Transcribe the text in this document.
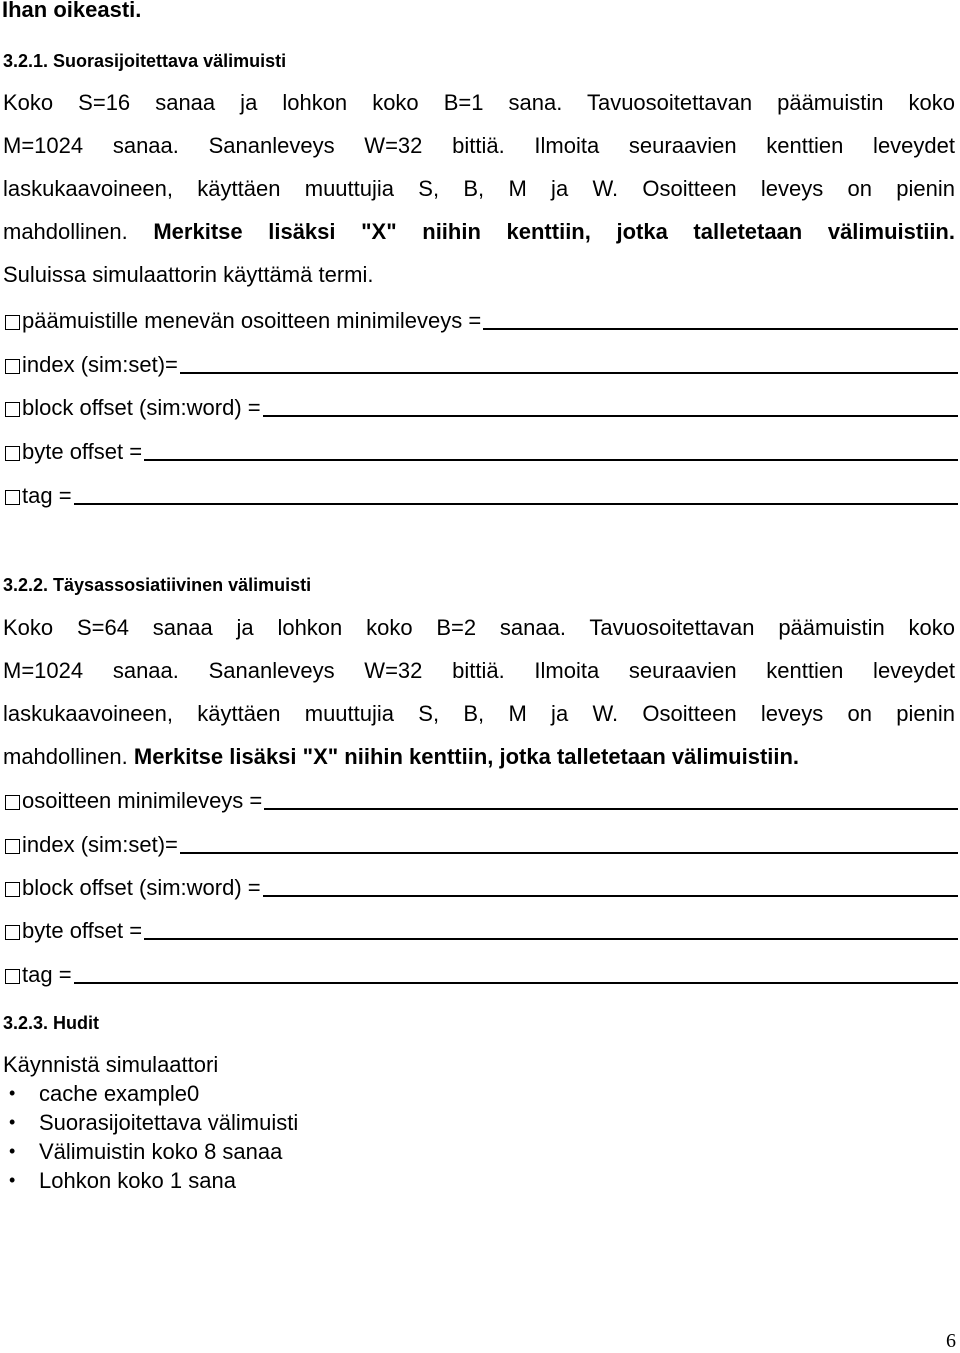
Ihan oikeasti.
3.2.1. Suorasijoitettava välimuisti
Koko S=16 sanaa ja lohkon koko B=1 sana. Tavuosoitettavan päämuistin koko
M=1024 sanaa. Sananleveys W=32 bittiä. Ilmoita seuraavien kenttien leveydet
laskukaavoineen, käyttäen muuttujia S, B, M ja W. Osoitteen leveys on pienin
mahdollinen. Merkitse lisäksi "X" niihin kenttiin, jotka talletetaan välimuistiin.
Suluissa simulaattorin käyttämä termi.
päämuistille menevän osoitteen minimileveys =
index (sim:set)=
block offset (sim:word) =
byte offset =
tag =
3.2.2. Täysassosiatiivinen välimuisti
Koko S=64 sanaa ja lohkon koko B=2 sanaa. Tavuosoitettavan päämuistin koko
M=1024 sanaa. Sananleveys W=32 bittiä. Ilmoita seuraavien kenttien leveydet
laskukaavoineen, käyttäen muuttujia S, B, M ja W. Osoitteen leveys on pienin
mahdollinen. Merkitse lisäksi "X" niihin kenttiin, jotka talletetaan välimuistiin.
osoitteen minimileveys =
index (sim:set)=
block offset (sim:word) =
byte offset =
tag =
3.2.3. Hudit
Käynnistä simulaattori
•	cache example0
•	Suorasijoitettava välimuisti
•	Välimuistin koko 8 sanaa
•	Lohkon koko 1 sana
6
